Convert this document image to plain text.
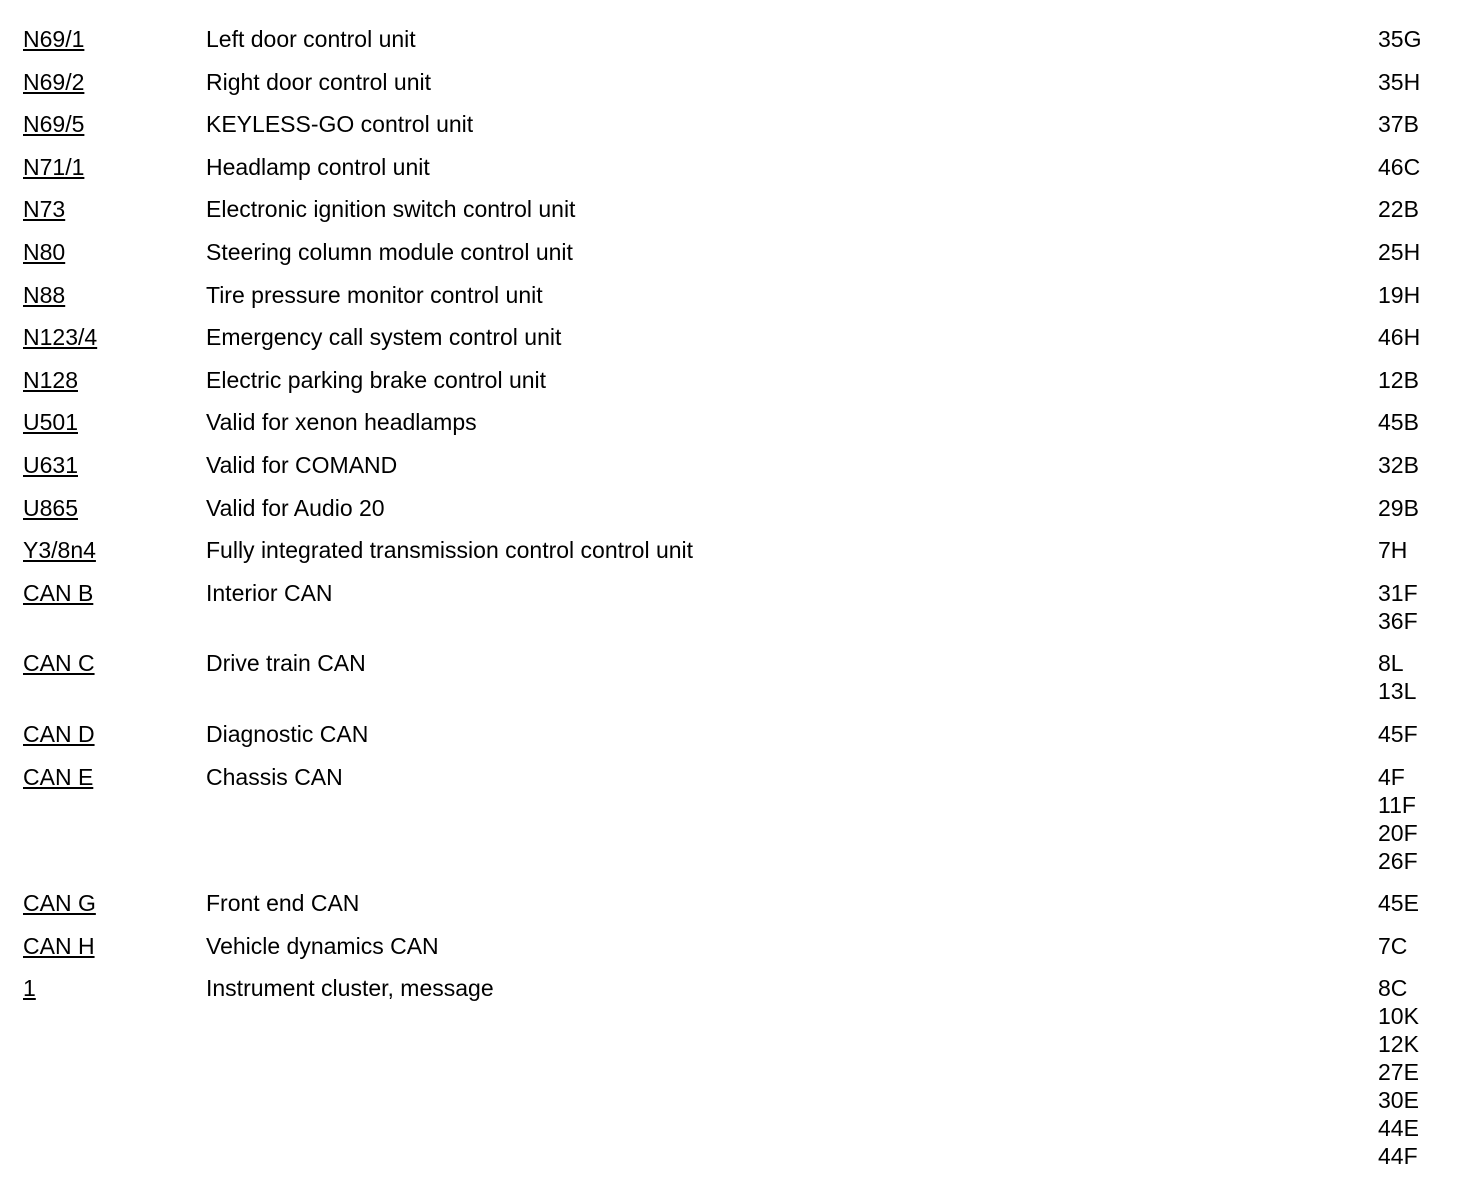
N69/1	Left door control unit	35G
N69/2	Right door control unit	35H
N69/5	KEYLESS-GO control unit	37B
N71/1	Headlamp control unit	46C
N73	Electronic ignition switch control unit	22B
N80	Steering column module control unit	25H
N88	Tire pressure monitor control unit	19H
N123/4	Emergency call system control unit	46H
N128	Electric parking brake control unit	12B
U501	Valid for xenon headlamps	45B
U631	Valid for COMAND	32B
U865	Valid for Audio 20	29B
Y3/8n4	Fully integrated transmission control control unit	7H
CAN B	Interior CAN	31F
36F
CAN C	Drive train CAN	8L
13L
CAN D	Diagnostic CAN	45F
CAN E	Chassis CAN	4F
11F
20F
26F
CAN G	Front end CAN	45E
CAN H	Vehicle dynamics CAN	7C
1	Instrument cluster, message	8C
10K
12K
27E
30E
44E
44F
